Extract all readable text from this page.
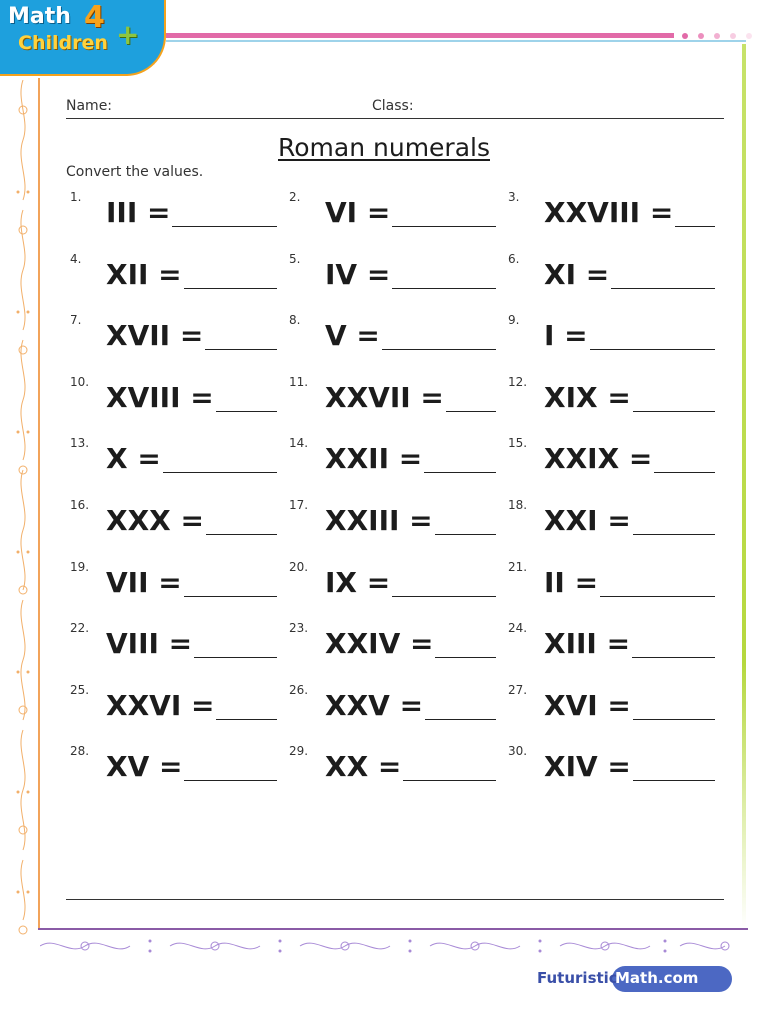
Math 4
Children +
Name:	Class:
Roman numerals
Convert the values.
1. III =	2. VI =	3. XXVIII =
4. XII =	5. IV =	6. XI =
7. XVII =	8. V =	9. I =
10. XVIII =	11. XXVII =	12. XIX =
13. X =	14. XXII =	15. XXIX =
16. XXX =	17. XXIII =	18. XXI =
19. VII =	20. IX =	21. II =
22. VIII =	23. XXIV =	24. XIII =
25. XXVI =	26. XXV =	27. XVI =
28. XV =	29. XX =	30. XIV =
Futuristic
Math.com
